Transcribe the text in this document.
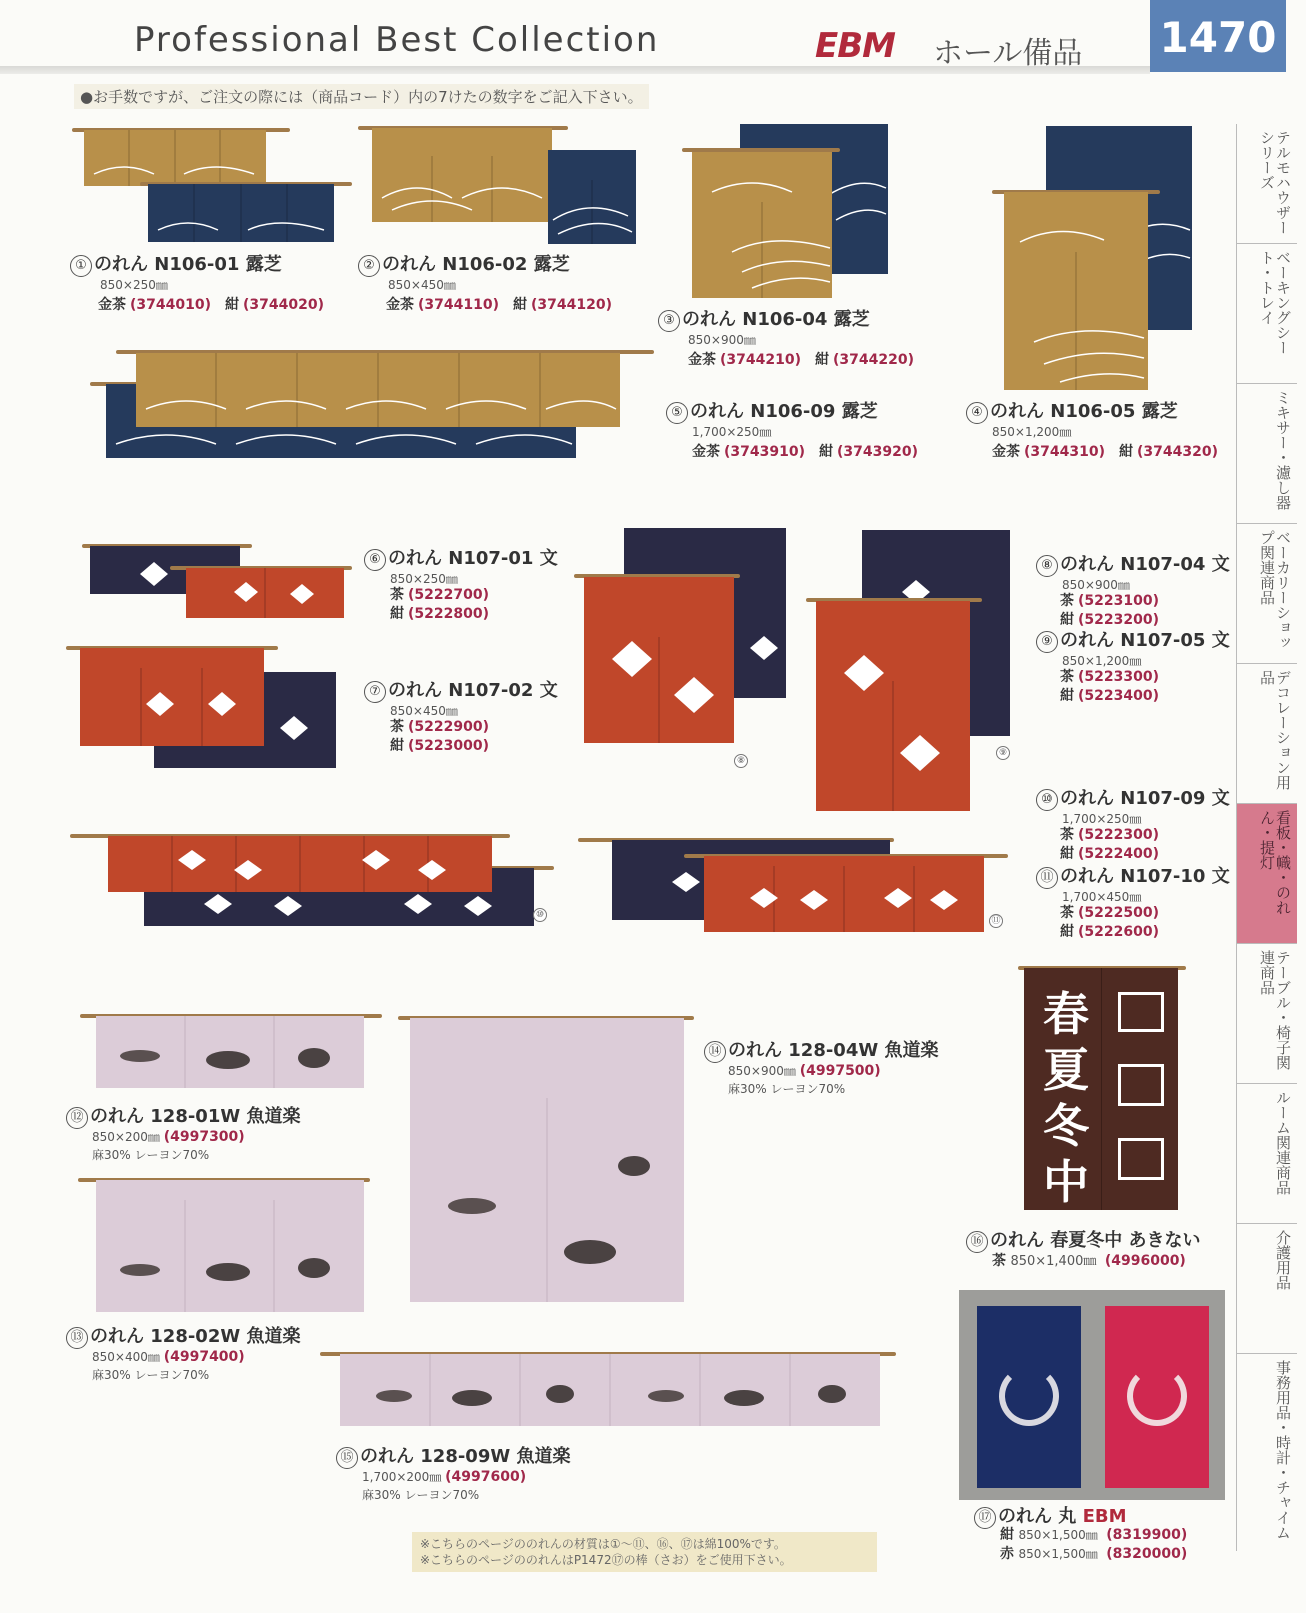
Professional Best Collection	EBM ホール備品 1470
●お手数ですが、ご注文の際には（商品コード）内の7けたの数字をご記入下さい。
テルモハウザーシリーズ
ベーキングシート・トレイ
ミキサー・濾し器
ベーカリーショップ関連商品
デコレーション用品
看板・幟・のれん・提灯
テーブル・椅子関連商品
ルーム関連商品
介護用品
事務用品・時計・チャイム
① のれん N106-01 露芝
850×250㎜
金茶 (3744010) 紺 (3744020)
② のれん N106-02 露芝
850×450㎜
金茶 (3744110) 紺 (3744120)
③ のれん N106-04 露芝
850×900㎜
金茶 (3744210) 紺 (3744220)
④ のれん N106-05 露芝
850×1,200㎜
金茶 (3744310) 紺 (3744320)
⑤ のれん N106-09 露芝
1,700×250㎜
金茶 (3743910) 紺 (3743920)
⑥ のれん N107-01 文
850×250㎜
茶 (5222700)
紺 (5222800)
⑦ のれん N107-02 文
850×450㎜
茶 (5222900)
紺 (5223000)
⑧
⑨
⑧ のれん N107-04 文
850×900㎜
茶 (5223100)
紺 (5223200)
⑨ のれん N107-05 文
850×1,200㎜
茶 (5223300)
紺 (5223400)
⑩
⑪
⑩ のれん N107-09 文
1,700×250㎜
茶 (5222300)
紺 (5222400)
⑪ のれん N107-10 文
1,700×450㎜
茶 (5222500)
紺 (5222600)
⑫ のれん 128-01W 魚道楽
850×200㎜ (4997300)
麻30% レーヨン70%
⑬ のれん 128-02W 魚道楽
850×400㎜ (4997400)
麻30% レーヨン70%
⑭ のれん 128-04W 魚道楽
850×900㎜ (4997500)
麻30% レーヨン70%
⑮ のれん 128-09W 魚道楽
1,700×200㎜ (4997600)
麻30% レーヨン70%
春
夏
冬
中
⑯ のれん 春夏冬中 あきない
茶 850×1,400㎜ (4996000)
⑰ のれん 丸 EBM
紺 850×1,500㎜ (8319900)
赤 850×1,500㎜ (8320000)
※こちらのページののれんの材質は①～⑪、⑯、⑰は綿100%です。
※こちらのページののれんはP1472⑰の棒（さお）をご使用下さい。
